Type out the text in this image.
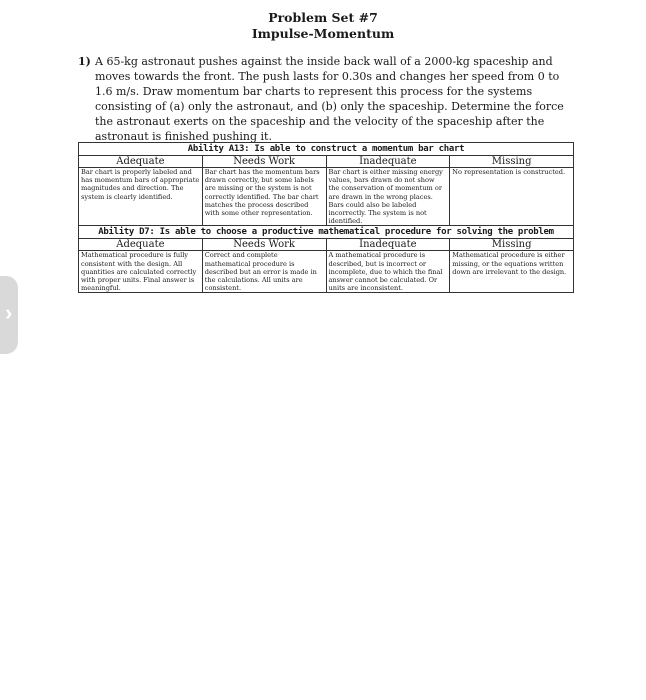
›
Problem Set #7
Impulse-Momentum
1) A 65-kg astronaut pushes against the inside back wall of a 2000-kg spaceship and moves towards the front. The push lasts for 0.30s and changes her speed from 0 to 1.6 m/s. Draw momentum bar charts to represent this process for the systems consisting of (a) only the astronaut, and (b) only the spaceship. Determine the force the astronaut exerts on the spaceship and the velocity of the spaceship after the astronaut is finished pushing it.
Ability A13: Is able to construct a momentum bar chart			
Adequate	Needs Work	Inadequate	Missing
Bar chart is properly labeled and has momentum bars of appropriate magnitudes and direction. The system is clearly identified.	Bar chart has the momentum bars drawn correctly, but some labels are missing or the system is not correctly identified. The bar chart matches the process described with some other representation.	Bar chart is either missing energy values, bars drawn do not show the conservation of momentum or are drawn in the wrong places. Bars could also be labeled incorrectly. The system is not identified.	No representation is constructed.
Ability D7: Is able to choose a productive mathematical procedure for solving the problem			
Adequate	Needs Work	Inadequate	Missing
Mathematical procedure is fully consistent with the design. All quantities are calculated correctly with proper units. Final answer is meaningful.	Correct and complete mathematical procedure is described but an error is made in the calculations. All units are consistent.	A mathematical procedure is described, but is incorrect or incomplete, due to which the final answer cannot be calculated. Or units are inconsistent.	Mathematical procedure is either missing, or the equations written down are irrelevant to the design.
